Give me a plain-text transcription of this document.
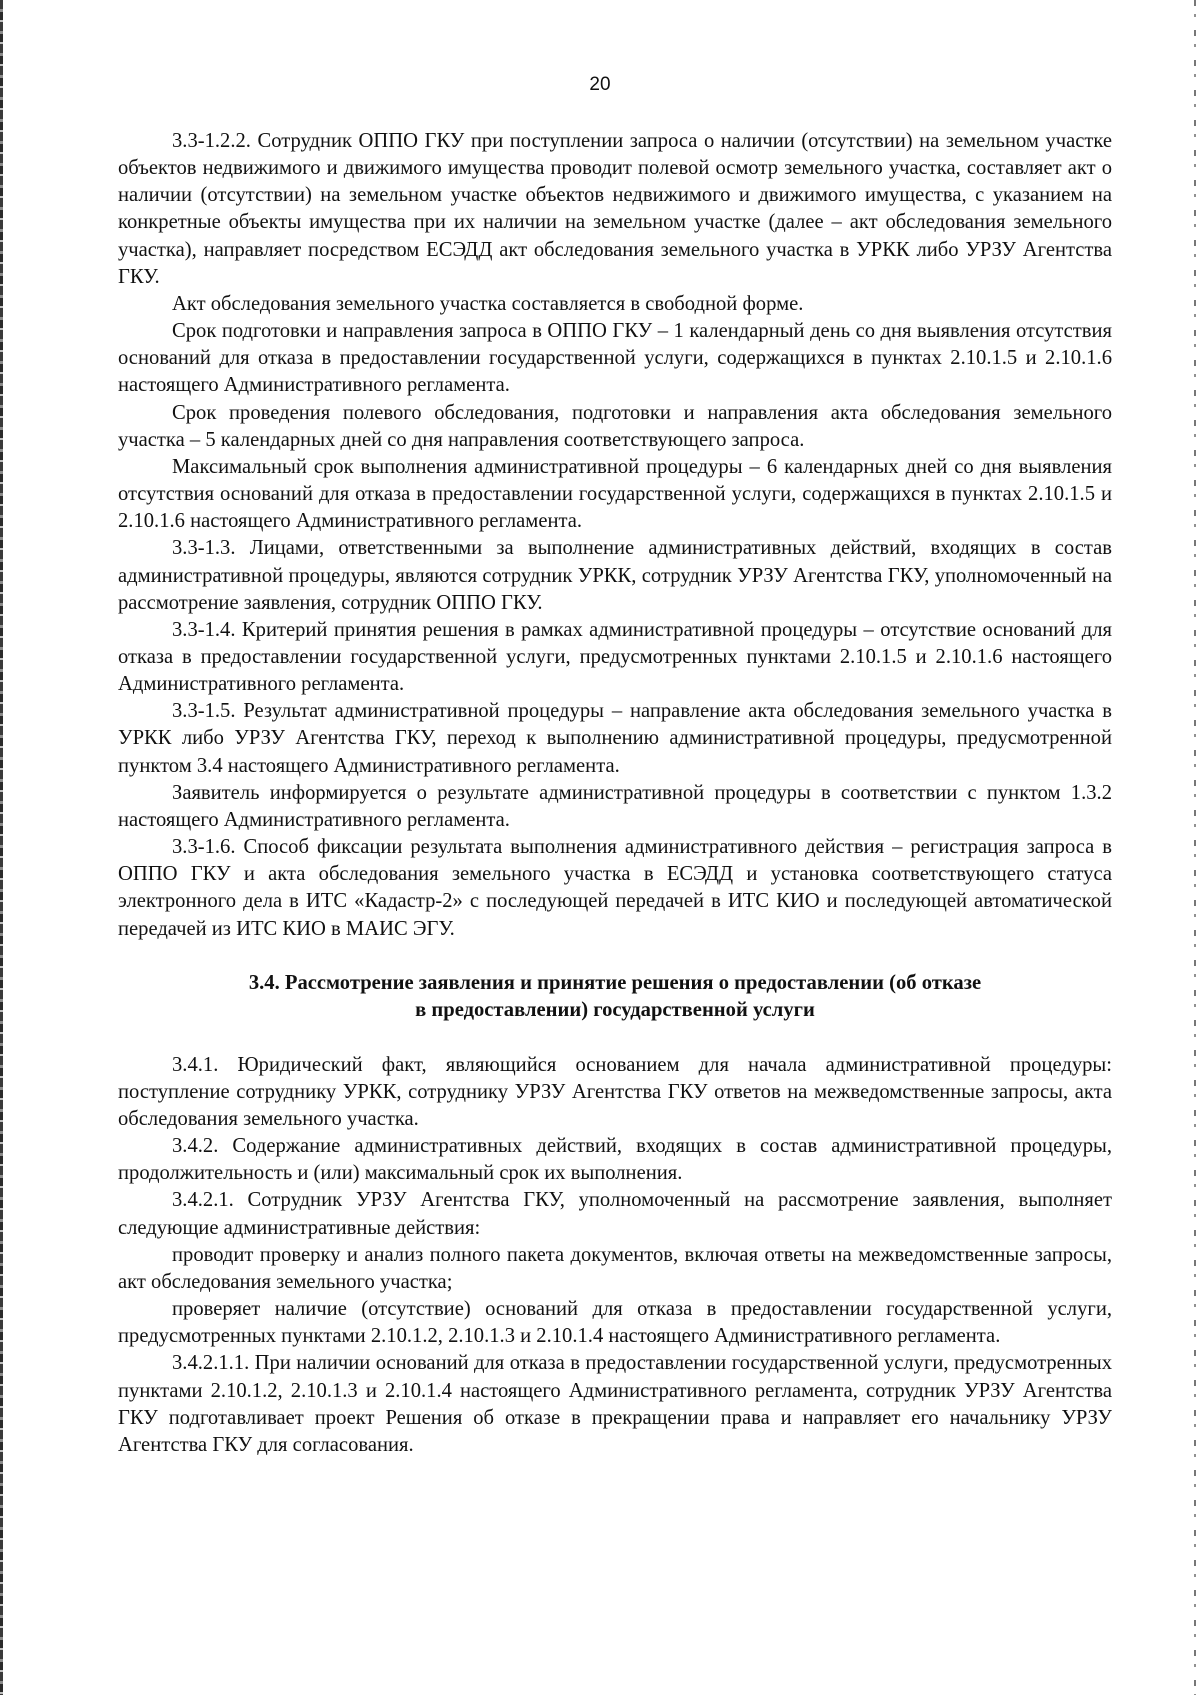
20

3.3-1.2.2. Сотрудник ОППО ГКУ при поступлении запроса о наличии (отсутствии) на земельном участке объектов недвижимого и движимого имущества проводит полевой осмотр земельного участка, составляет акт о наличии (отсутствии) на земельном участке объектов недвижимого и движимого имущества, с указанием на конкретные объекты имущества при их наличии на земельном участке (далее – акт обследования земельного участка), направляет посредством ЕСЭДД акт обследования земельного участка в УРКК либо УРЗУ Агентства ГКУ.

Акт обследования земельного участка составляется в свободной форме.

Срок подготовки и направления запроса в ОППО ГКУ – 1 календарный день со дня выявления отсутствия оснований для отказа в предоставлении государственной услуги, содержащихся в пунктах 2.10.1.5 и 2.10.1.6 настоящего Административного регламента.

Срок проведения полевого обследования, подготовки и направления акта обследования земельного участка – 5 календарных дней со дня направления соответствующего запроса.

Максимальный срок выполнения административной процедуры – 6 календарных дней со дня выявления отсутствия оснований для отказа в предоставлении государственной услуги, содержащихся в пунктах 2.10.1.5 и 2.10.1.6 настоящего Административного регламента.

3.3-1.3. Лицами, ответственными за выполнение административных действий, входящих в состав административной процедуры, являются сотрудник УРКК, сотрудник УРЗУ Агентства ГКУ, уполномоченный на рассмотрение заявления, сотрудник ОППО ГКУ.

3.3-1.4. Критерий принятия решения в рамках административной процедуры – отсутствие оснований для отказа в предоставлении государственной услуги, предусмотренных пунктами 2.10.1.5 и 2.10.1.6 настоящего Административного регламента.

3.3-1.5. Результат административной процедуры – направление акта обследования земельного участка в УРКК либо УРЗУ Агентства ГКУ, переход к выполнению административной процедуры, предусмотренной пунктом 3.4 настоящего Административного регламента.

Заявитель информируется о результате административной процедуры в соответствии с пунктом 1.3.2 настоящего Административного регламента.

3.3-1.6. Способ фиксации результата выполнения административного действия – регистрация запроса в ОППО ГКУ и акта обследования земельного участка в ЕСЭДД и установка соответствующего статуса электронного дела в ИТС «Кадастр-2» с последующей передачей в ИТС КИО и последующей автоматической передачей из ИТС КИО в МАИС ЭГУ.

3.4. Рассмотрение заявления и принятие решения о предоставлении (об отказе
в предоставлении) государственной услуги

3.4.1. Юридический факт, являющийся основанием для начала административной процедуры: поступление сотруднику УРКК, сотруднику УРЗУ Агентства ГКУ ответов на межведомственные запросы, акта обследования земельного участка.

3.4.2. Содержание административных действий, входящих в состав административной процедуры, продолжительность и (или) максимальный срок их выполнения.

3.4.2.1. Сотрудник УРЗУ Агентства ГКУ, уполномоченный на рассмотрение заявления, выполняет следующие административные действия:

проводит проверку и анализ полного пакета документов, включая ответы на межведомственные запросы, акт обследования земельного участка;

проверяет наличие (отсутствие) оснований для отказа в предоставлении государственной услуги, предусмотренных пунктами 2.10.1.2, 2.10.1.3 и 2.10.1.4 настоящего Административного регламента.

3.4.2.1.1. При наличии оснований для отказа в предоставлении государственной услуги, предусмотренных пунктами 2.10.1.2, 2.10.1.3 и 2.10.1.4 настоящего Административного регламента, сотрудник УРЗУ Агентства ГКУ подготавливает проект Решения об отказе в прекращении права и направляет его начальнику УРЗУ Агентства ГКУ для согласования.
